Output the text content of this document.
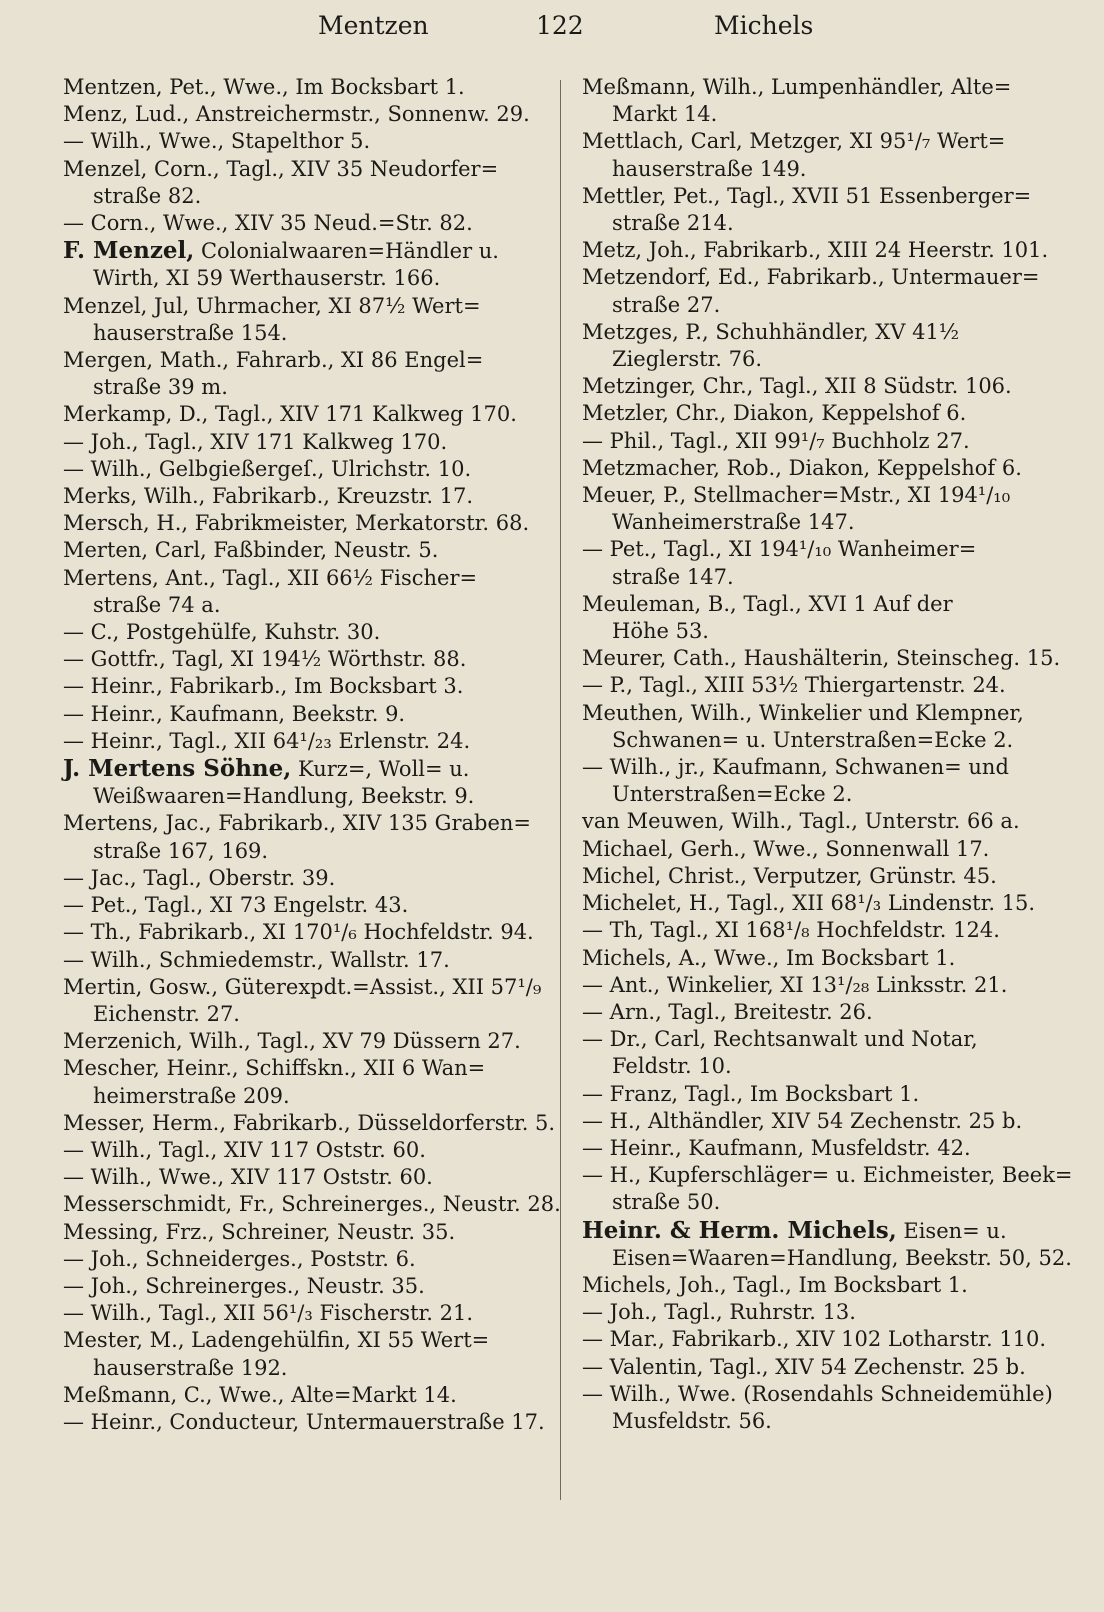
Mentzen	122	Michels
Mentzen, Pet., Wwe., Im Bocksbart 1.
Menz, Lud., Anstreichermstr., Sonnenw. 29.
— Wilh., Wwe., Stapelthor 5.
Menzel, Corn., Tagl., XIV 35 Neudorfer=
straße 82.
— Corn., Wwe., XIV 35 Neud.=Str. 82.
F. Menzel, Colonialwaaren=Händler u.
Wirth, XI 59 Werthauserstr. 166.
Menzel, Jul, Uhrmacher, XI 87½ Wert=
hauserstraße 154.
Mergen, Math., Fahrarb., XI 86 Engel=
straße 39 m.
Merkamp, D., Tagl., XIV 171 Kalkweg 170.
— Joh., Tagl., XIV 171 Kalkweg 170.
— Wilh., Gelbgießergeſ., Ulrichstr. 10.
Merks, Wilh., Fabrikarb., Kreuzstr. 17.
Mersch, H., Fabrikmeister, Merkatorstr. 68.
Merten, Carl, Faßbinder, Neustr. 5.
Mertens, Ant., Tagl., XII 66½ Fischer=
straße 74 a.
— C., Postgehülfe, Kuhstr. 30.
— Gottfr., Tagl, XI 194½ Wörthstr. 88.
— Heinr., Fabrikarb., Im Bocksbart 3.
— Heinr., Kaufmann, Beekstr. 9.
— Heinr., Tagl., XII 64¹/₂₃ Erlenstr. 24.
J. Mertens Söhne, Kurz=, Woll= u.
Weißwaaren=Handlung, Beekstr. 9.
Mertens, Jac., Fabrikarb., XIV 135 Graben=
straße 167, 169.
— Jac., Tagl., Oberstr. 39.
— Pet., Tagl., XI 73 Engelstr. 43.
— Th., Fabrikarb., XI 170¹/₆ Hochfeldstr. 94.
— Wilh., Schmiedemstr., Wallstr. 17.
Mertin, Gosw., Güterexpdt.=Assist., XII 57¹/₉
Eichenstr. 27.
Merzenich, Wilh., Tagl., XV 79 Düssern 27.
Mescher, Heinr., Schiffskn., XII 6 Wan=
heimerstraße 209.
Messer, Herm., Fabrikarb., Düsseldorferstr. 5.
— Wilh., Tagl., XIV 117 Oststr. 60.
— Wilh., Wwe., XIV 117 Oststr. 60.
Messerschmidt, Fr., Schreinerges., Neustr. 28.
Messing, Frz., Schreiner, Neustr. 35.
— Joh., Schneiderges., Poststr. 6.
— Joh., Schreinerges., Neustr. 35.
— Wilh., Tagl., XII 56¹/₃ Fischerstr. 21.
Mester, M., Ladengehülfin, XI 55 Wert=
hauserstraße 192.
Meßmann, C., Wwe., Alte=Markt 14.
— Heinr., Conducteur, Untermauerstraße 17.
Meßmann, Wilh., Lumpenhändler, Alte=
Markt 14.
Mettlach, Carl, Metzger, XI 95¹/₇ Wert=
hauserstraße 149.
Mettler, Pet., Tagl., XVII 51 Essenberger=
straße 214.
Metz, Joh., Fabrikarb., XIII 24 Heerstr. 101.
Metzendorf, Ed., Fabrikarb., Untermauer=
straße 27.
Metzges, P., Schuhhändler, XV 41½
Zieglerstr. 76.
Metzinger, Chr., Tagl., XII 8 Südstr. 106.
Metzler, Chr., Diakon, Keppelshof 6.
— Phil., Tagl., XII 99¹/₇ Buchholz 27.
Metzmacher, Rob., Diakon, Keppelshof 6.
Meuer, P., Stellmacher=Mstr., XI 194¹/₁₀
Wanheimerstraße 147.
— Pet., Tagl., XI 194¹/₁₀ Wanheimer=
straße 147.
Meuleman, B., Tagl., XVI 1 Auf der
Höhe 53.
Meurer, Cath., Haushälterin, Steinscheg. 15.
— P., Tagl., XIII 53½ Thiergartenstr. 24.
Meuthen, Wilh., Winkelier und Klempner,
Schwanen= u. Unterstraßen=Ecke 2.
— Wilh., jr., Kaufmann, Schwanen= und
Unterstraßen=Ecke 2.
van Meuwen, Wilh., Tagl., Unterstr. 66 a.
Michael, Gerh., Wwe., Sonnenwall 17.
Michel, Christ., Verputzer, Grünstr. 45.
Michelet, H., Tagl., XII 68¹/₃ Lindenstr. 15.
— Th, Tagl., XI 168¹/₈ Hochfeldstr. 124.
Michels, A., Wwe., Im Bocksbart 1.
— Ant., Winkelier, XI 13¹/₂₈ Linksstr. 21.
— Arn., Tagl., Breitestr. 26.
— Dr., Carl, Rechtsanwalt und Notar,
Feldstr. 10.
— Franz, Tagl., Im Bocksbart 1.
— H., Althändler, XIV 54 Zechenstr. 25 b.
— Heinr., Kaufmann, Musfeldstr. 42.
— H., Kupferschläger= u. Eichmeister, Beek=
straße 50.
Heinr. & Herm. Michels, Eisen= u.
Eisen=Waaren=Handlung, Beekstr. 50, 52.
Michels, Joh., Tagl., Im Bocksbart 1.
— Joh., Tagl., Ruhrstr. 13.
— Mar., Fabrikarb., XIV 102 Lotharstr. 110.
— Valentin, Tagl., XIV 54 Zechenstr. 25 b.
— Wilh., Wwe. (Rosendahls Schneidemühle)
Musfeldstr. 56.
